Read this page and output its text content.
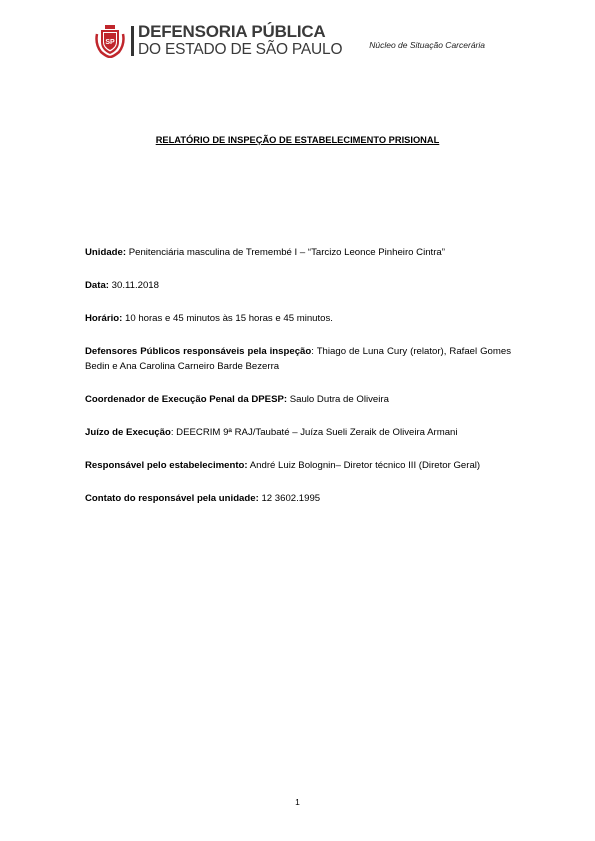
SP
DEFENSORIA PÚBLICA
DO ESTADO DE SÃO PAULO	Núcleo de Situação Carcerária
RELATÓRIO DE INSPEÇÃO DE ESTABELECIMENTO PRISIONAL

Unidade: Penitenciária masculina de Tremembé I – “Tarcizo Leonce Pinheiro Cintra”

Data: 30.11.2018

Horário: 10 horas e 45 minutos às 15 horas e 45 minutos.

Defensores Públicos responsáveis pela inspeção: Thiago de Luna Cury (relator), Rafael Gomes Bedin e Ana Carolina Carneiro Barde Bezerra

Coordenador de Execução Penal da DPESP: Saulo Dutra de Oliveira

Juízo de Execução: DEECRIM 9ª RAJ/Taubaté – Juíza Sueli Zeraik de Oliveira Armani

Responsável pelo estabelecimento: André Luiz Bolognin– Diretor técnico III (Diretor Geral)

Contato do responsável pela unidade: 12 3602.1995

1
